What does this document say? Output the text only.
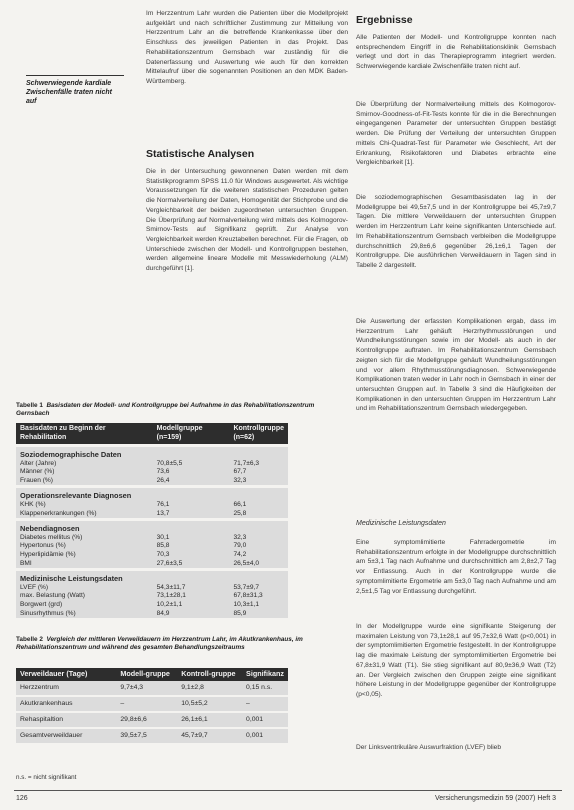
Im Herzzentrum Lahr wurden die Patienten über die Modellprojekt aufgeklärt und nach schriftlicher Zustimmung zur Mitteilung von Herzzentrum Lahr an die betreffende Krankenkasse über den Einschluss des jeweiligen Patienten in das Projekt. Das Rehabilitationszentrum Gernsbach war zuständig für die Datenerfassung und Auswertung wie auch für den korrekten Mittelaufruf über die sogenannten Positionen an den MDK Baden-Württemberg.
Schwerwiegende kardiale Zwischenfälle traten nicht auf
Statistische Analysen
Die in der Untersuchung gewonnenen Daten werden mit dem Statistikprogramm SPSS 11.0 für Windows ausgewertet. Als wichtige Voraussetzungen für die weiteren statistischen Prozeduren gelten die Normalverteilung der Daten, Homogenität der Stichprobe und die Vergleichbarkeit der beiden zugeordneten untersuchten Gruppen. Die Überprüfung auf Normalverteilung wird mittels des Kolmogorov-Smirnov-Tests auf Signifikanz geprüft. Zur Analyse von Vergleichbarkeit werden Kreuztabellen berechnet. Für die Fragen, ob Unterschiede zwischen der Modell- und Kontrollgruppen bestehen, werden allgemeine lineare Modelle mit Messwiederholung (ALM) durchgeführt [1].
Tabelle 1 Basisdaten der Modell- und Kontrollgruppe bei Aufnahme in das Rehabilitationszentrum Gernsbach
Basisdaten zu Beginn der Rehabilitation	Modellgruppe (n=159)	Kontrollgruppe (n=62)

Soziodemographische Daten		
Alter (Jahre)	70,8±5,5	71,7±6,3
Männer (%)	73,6	67,7
Frauen (%)	26,4	32,3

Operationsrelevante Diagnosen		
KHK (%)	76,1	66,1
Klappenerkrankungen (%)	13,7	25,8

Nebendiagnosen		
Diabetes mellitus (%)	30,1	32,3
Hypertonus (%)	85,8	79,0
Hyperlipidämie (%)	70,3	74,2
BMI	27,6±3,5	26,5±4,0

Medizinische Leistungsdaten		
LVEF (%)	54,3±11,7	53,7±9,7
max. Belastung (Watt)	73,1±28,1	67,8±31,3
Borgwert (grd)	10,2±1,1	10,3±1,1
Sinusrhythmus (%)	84,9	85,9
Tabelle 2 Vergleich der mittleren Verweildauern im Herzzentrum Lahr, im Akutkrankenhaus, im Rehabilitationszentrum und während des gesamten Behandlungszeitraums
Verweildauer (Tage)	Modell-gruppe	Kontroll-gruppe	Signifikanz
Herzzentrum	9,7±4,3	9,1±2,8	0,15 n.s.
Akutkrankenhaus	–	10,5±5,2	–
Rehaspitaltion	29,8±6,6	26,1±6,1	0,001
Gesamtverweildauer	39,5±7,5	45,7±9,7	0,001
n.s. = nicht signifikant
Ergebnisse
Alle Patienten der Modell- und Kontrollgruppe konnten nach entsprechendem Eingriff in die Rehabilitationsklinik Gernsbach verlegt und dort in das Therapieprogramm integriert werden. Schwerwiegende kardiale Zwischenfälle traten nicht auf.
Die Überprüfung der Normalverteilung mittels des Kolmogorov-Smirnov-Goodness-of-Fit-Tests konnte für die in die Berechnungen eingegangenen Parameter der untersuchten Gruppen bestätigt werden. Die Prüfung der Verteilung der untersuchten Gruppen mittels Chi-Quadrat-Test für Parameter wie Geschlecht, Art der Erkrankung, Risikofaktoren und Diabetes erbrachte eine Vergleichbarkeit [1].
Die soziodemographischen Gesamtbasisdaten lag in der Modellgruppe bei 49,5±7,5 und in der Kontrollgruppe bei 45,7±9,7 Tagen. Die mittlere Verweildauern der untersuchten Gruppen werden im Herzzentrum Lahr keine signifikanten Unterschiede auf. Im Rehabilitationszentrum Gernsbach verbleiben die Modellgruppe durchschnittlich 29,8±6,6 gegenüber 26,1±6,1 Tagen der Kontrollgruppe. Die ausführlichen Verweildauern in Tagen sind in Tabelle 2 dargestellt.
Die Auswertung der erfassten Komplikationen ergab, dass im Herzzentrum Lahr gehäuft Herzrhythmusstörungen und Wundheilungsstörungen sowie im der Modell- als auch in der Kontrollgruppe auftraten. Im Rehabilitationszentrum Gernsbach zeigten sich für die Modellgruppe gehäuft Wundheilungsstörungen und vor allem Rhythmusstörungsdiagnosen. Schwerwiegende Komplikationen traten weder in Lahr noch in Gernsbach in einer der untersuchten Gruppen auf. In Tabelle 3 sind die Häufigkeiten der Komplikationen in den untersuchten Gruppen im Herzzentrum Lahr und im Rehabilitationszentrum Gernsbach wiedergegeben.
Medizinische Leistungsdaten
Eine symptomlimitierte Fahrradergometrie im Rehabilitationszentrum erfolgte in der Modellgruppe durchschnittlich am 5±3,1 Tag nach Aufnahme und durchschnittlich am 2,8±2,7 Tag vor Entlassung. Auch in der Kontrollgruppe wurde die symptomlimitierte Ergometrie am 5±3,0 Tag nach Aufnahme und am 2,5±1,5 Tag vor Entlassung durchgeführt.
In der Modellgruppe wurde eine signifikante Steigerung der maximalen Leistung von 73,1±28,1 auf 95,7±32,6 Watt (p<0,001) in der symptomlimitierten Ergometrie festgestellt. In der Kontrollgruppe lag die maximale Leistung der symptomlimitierten Ergometrie bei 67,8±31,9 Watt (T1). Sie stieg signifikant auf 80,9±36,9 Watt (T2) an. Der Vergleich zwischen den Gruppen zeigte eine signifikant höhere Leistung in der Modellgruppe gegenüber der Kontrollgruppe (p<0,05).
Der Linksventrikuläre Auswurfraktion (LVEF) blieb
126	Versicherungsmedizin 59 (2007) Heft 3
